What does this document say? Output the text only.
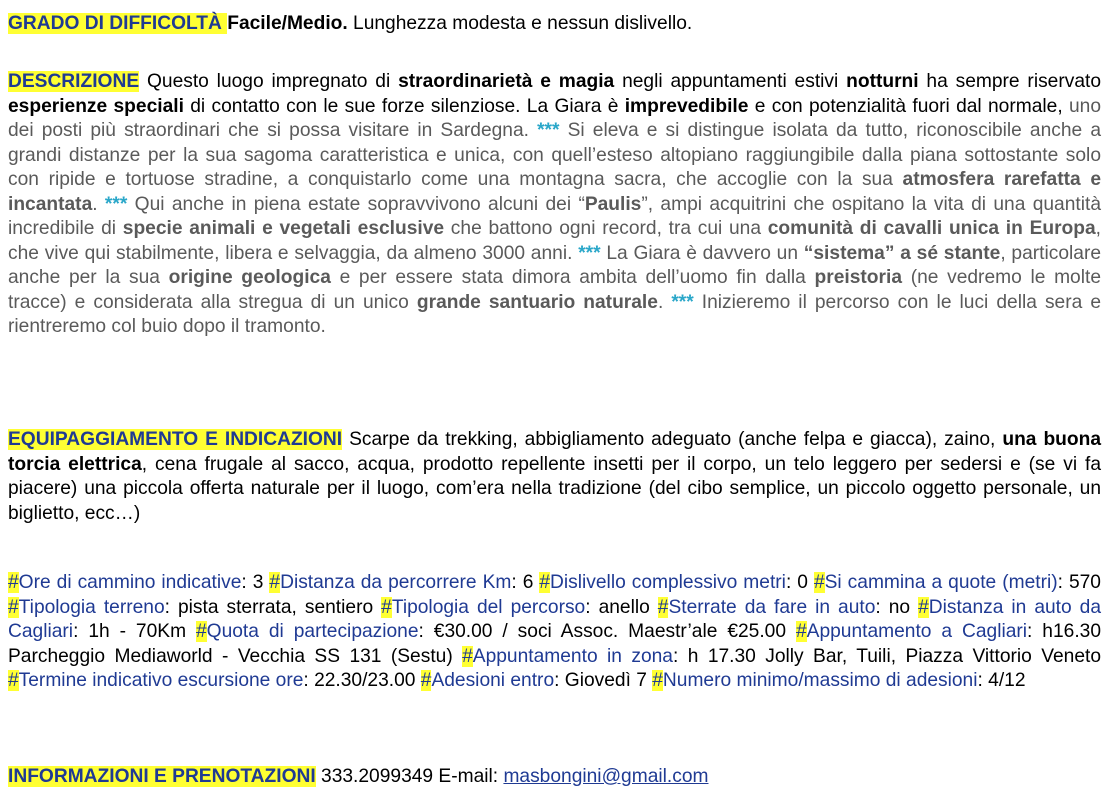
GRADO DI DIFFICOLTÀ Facile/Medio. Lunghezza modesta e nessun dislivello.
DESCRIZIONE Questo luogo impregnato di straordinarietà e magia negli appuntamenti estivi notturni ha sempre riservato esperienze speciali di contatto con le sue forze silenziose. La Giara è imprevedibile e con potenzialità fuori dal normale, uno dei posti più straordinari che si possa visitare in Sardegna. *** Si eleva e si distingue isolata da tutto, riconoscibile anche a grandi distanze per la sua sagoma caratteristica e unica, con quell’esteso altopiano raggiungibile dalla piana sottostante solo con ripide e tortuose stradine, a conquistarlo come una montagna sacra, che accoglie con la sua atmosfera rarefatta e incantata. *** Qui anche in piena estate sopravvivono alcuni dei “Paulis”, ampi acquitrini che ospitano la vita di una quantità incredibile di specie animali e vegetali esclusive che battono ogni record, tra cui una comunità di cavalli unica in Europa, che vive qui stabilmente, libera e selvaggia, da almeno 3000 anni. *** La Giara è davvero un “sistema” a sé stante, particolare anche per la sua origine geologica e per essere stata dimora ambita dell’uomo fin dalla preistoria (ne vedremo le molte tracce) e considerata alla stregua di un unico grande santuario naturale. *** Inizieremo il percorso con le luci della sera e rientreremo col buio dopo il tramonto.
EQUIPAGGIAMENTO E INDICAZIONI Scarpe da trekking, abbigliamento adeguato (anche felpa e giacca), zaino, una buona torcia elettrica, cena frugale al sacco, acqua, prodotto repellente insetti per il corpo, un telo leggero per sedersi e (se vi fa piacere) una piccola offerta naturale per il luogo, com’era nella tradizione (del cibo semplice, un piccolo oggetto personale, un biglietto, ecc…)
#Ore di cammino indicative: 3 #Distanza da percorrere Km: 6 #Dislivello complessivo metri: 0 #Si cammina a quote (metri): 570 #Tipologia terreno: pista sterrata, sentiero #Tipologia del percorso: anello #Sterrate da fare in auto: no #Distanza in auto da Cagliari: 1h - 70Km #Quota di partecipazione: €30.00 / soci Assoc. Maestr’ale €25.00 #Appuntamento a Cagliari: h16.30 Parcheggio Mediaworld - Vecchia SS 131 (Sestu) #Appuntamento in zona: h 17.30 Jolly Bar, Tuili, Piazza Vittorio Veneto #Termine indicativo escursione ore: 22.30/23.00 #Adesioni entro: Giovedì 7 #Numero minimo/massimo di adesioni: 4/12
INFORMAZIONI E PRENOTAZIONI 333.2099349 E-mail: masbongini@gmail.com
